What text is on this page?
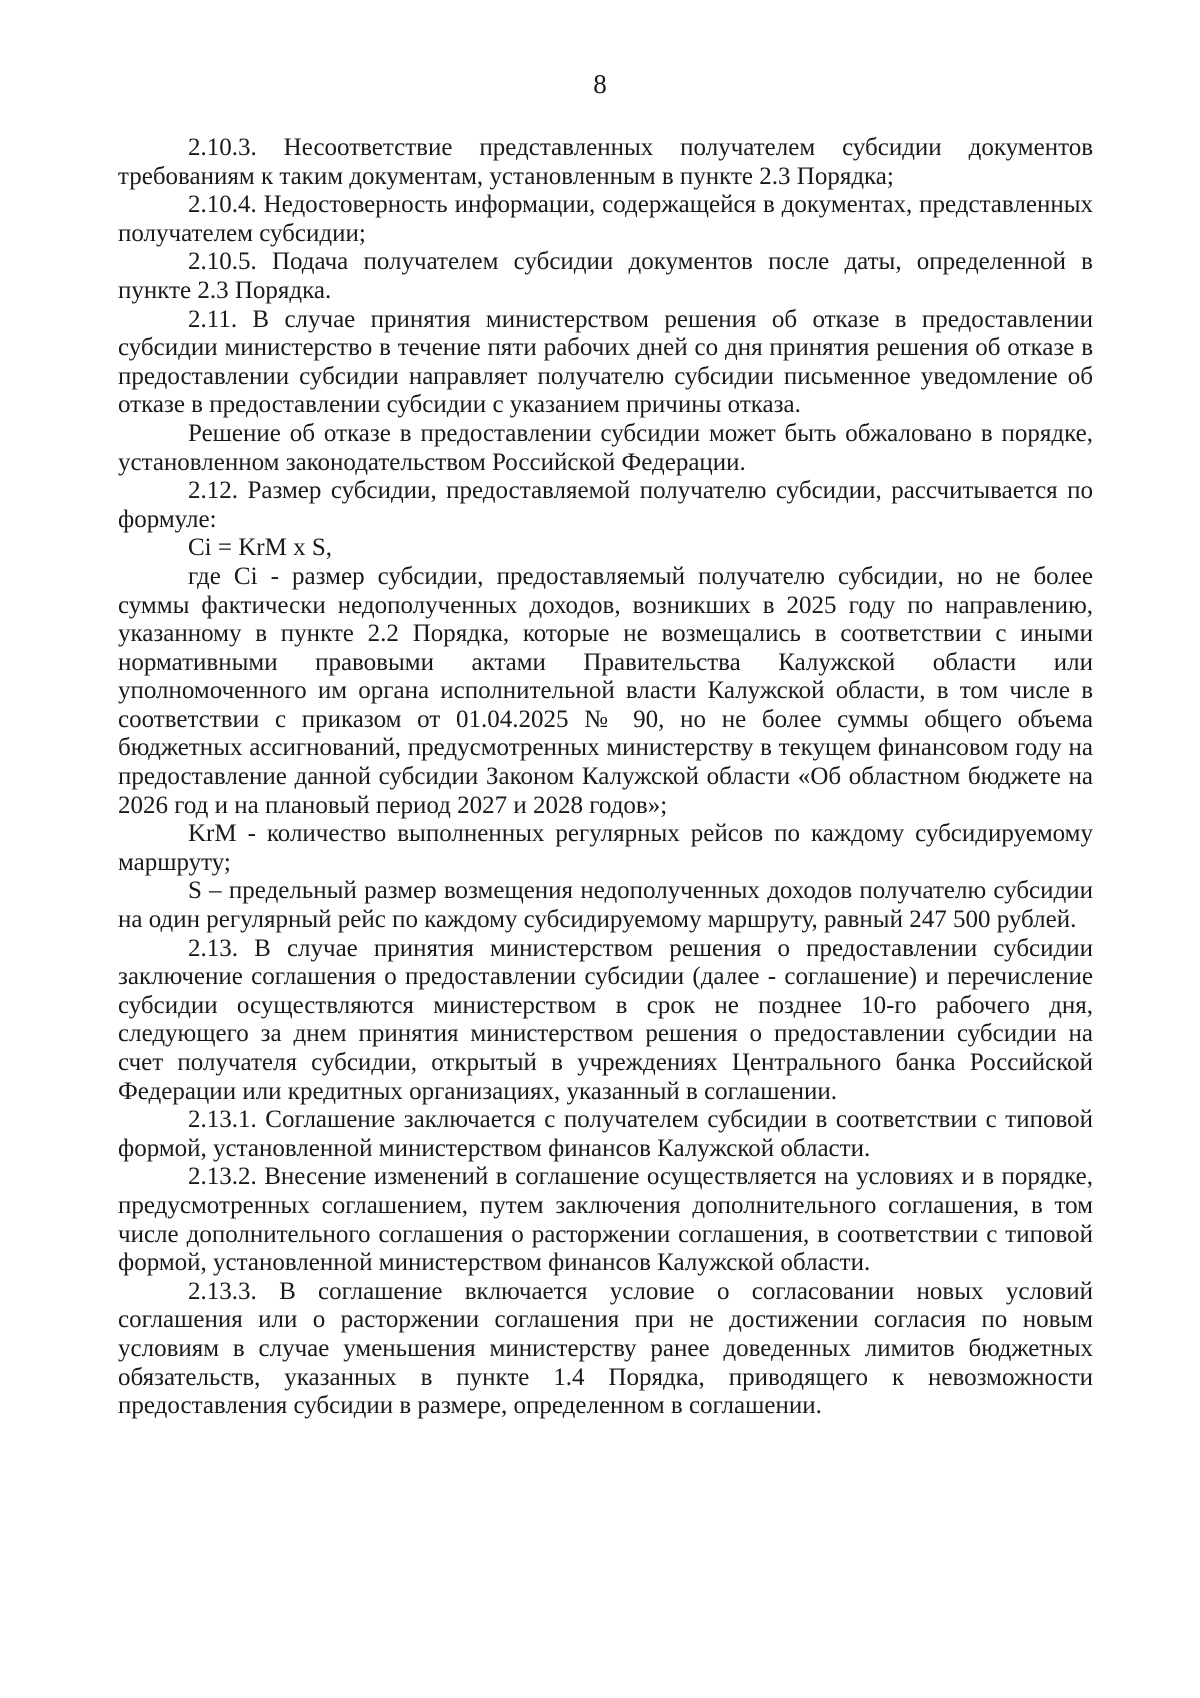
8

2.10.3. Несоответствие представленных получателем субсидии документов требованиям к таким документам, установленным в пункте 2.3 Порядка;

2.10.4. Недостоверность информации, содержащейся в документах, представленных получателем субсидии;

2.10.5. Подача получателем субсидии документов после даты, определенной в пункте 2.3 Порядка.

2.11. В случае принятия министерством решения об отказе в предоставлении субсидии министерство в течение пяти рабочих дней со дня принятия решения об отказе в предоставлении субсидии направляет получателю субсидии письменное уведомление об отказе в предоставлении субсидии с указанием причины отказа.

Решение об отказе в предоставлении субсидии может быть обжаловано в порядке, установленном законодательством Российской Федерации.

2.12. Размер субсидии, предоставляемой получателю субсидии, рассчитывается по формуле:

Ci = KrM x S,

где Ci - размер субсидии, предоставляемый получателю субсидии, но не более суммы фактически недополученных доходов, возникших в 2025 году по направлению, указанному в пункте 2.2 Порядка, которые не возмещались в соответствии с иными нормативными правовыми актами Правительства Калужской области или уполномоченного им органа исполнительной власти Калужской области, в том числе в соответствии с приказом от 01.04.2025 № 90, но не более суммы общего объема бюджетных ассигнований, предусмотренных министерству в текущем финансовом году на предоставление данной субсидии Законом Калужской области «Об областном бюджете на 2026 год и на плановый период 2027 и 2028 годов»;

KrM - количество выполненных регулярных рейсов по каждому субсидируемому маршруту;

S – предельный размер возмещения недополученных доходов получателю субсидии на один регулярный рейс по каждому субсидируемому маршруту, равный 247 500 рублей.

2.13. В случае принятия министерством решения о предоставлении субсидии заключение соглашения о предоставлении субсидии (далее - соглашение) и перечисление субсидии осуществляются министерством в срок не позднее 10-го рабочего дня, следующего за днем принятия министерством решения о предоставлении субсидии на счет получателя субсидии, открытый в учреждениях Центрального банка Российской Федерации или кредитных организациях, указанный в соглашении.

2.13.1. Соглашение заключается с получателем субсидии в соответствии с типовой формой, установленной министерством финансов Калужской области.

2.13.2. Внесение изменений в соглашение осуществляется на условиях и в порядке, предусмотренных соглашением, путем заключения дополнительного соглашения, в том числе дополнительного соглашения о расторжении соглашения, в соответствии с типовой формой, установленной министерством финансов Калужской области.

2.13.3. В соглашение включается условие о согласовании новых условий соглашения или о расторжении соглашения при не достижении согласия по новым условиям в случае уменьшения министерству ранее доведенных лимитов бюджетных обязательств, указанных в пункте 1.4 Порядка, приводящего к невозможности предоставления субсидии в размере, определенном в соглашении.
